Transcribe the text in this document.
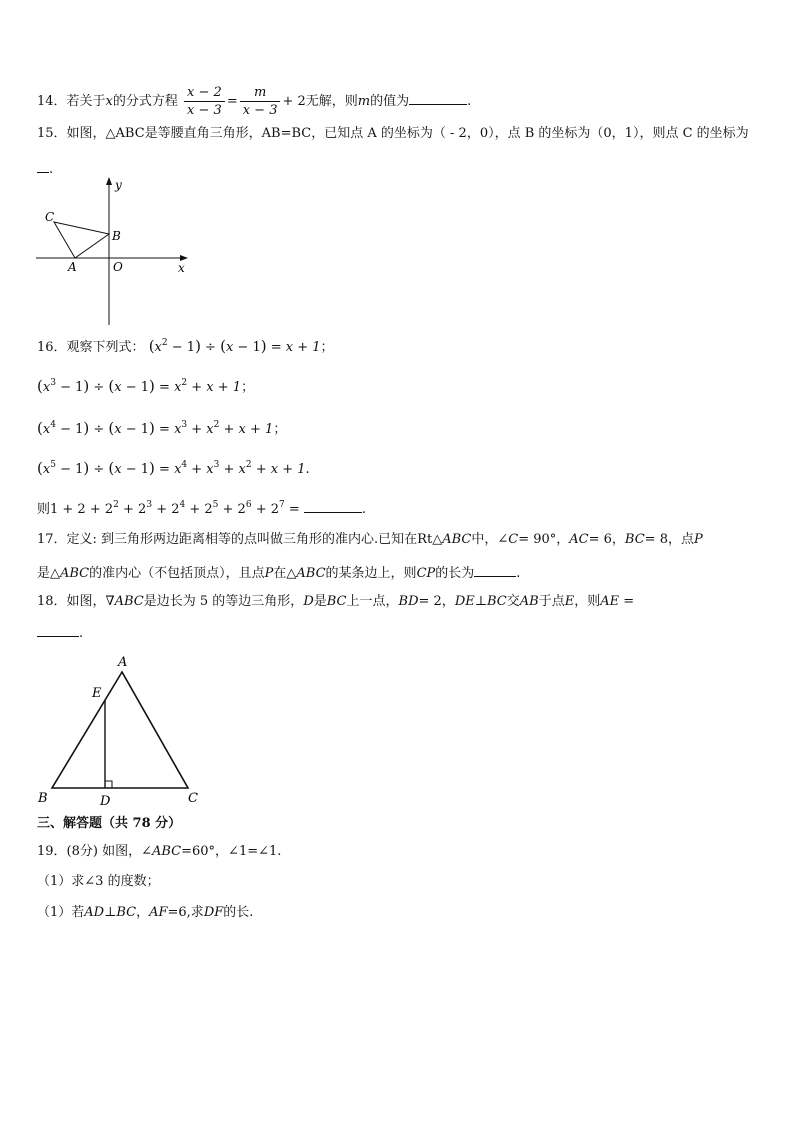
14．若关于x的分式方程 $\frac{x - 2}{x - 3} = \frac{m}{x - 3} + 2$无解，则m的值为	.
15．如图，△ABC是等腰直角三角形，AB=BC，已知点 A 的坐标为（ - 2，0），点 B 的坐标为（0，1），则点 C 的坐标为
.
y
x
C
B
A	O
16．观察下列式： $(x^2 - 1) \div (x - 1) = x + 1$；
$(x^3 - 1) \div (x - 1) = x^2 + x + 1$；
$(x^4 - 1) \div (x - 1) = x^3 + x^2 + x + 1$；
$(x^5 - 1) \div (x - 1) = x^4 + x^3 + x^2 + x + 1$.
则$1 + 2 + 2^2 + 2^3 + 2^4 + 2^5 + 2^6 + 2^7$ =	.
17．定义: 到三角形两边距离相等的点叫做三角形的准内心.已知在Rt△ABC中，∠C= 90°，AC= 6，BC= 8，点P
是△ABC的准内心（不包括顶点），且点P在△ABC的某条边上，则CP的长为	.
18．如图，∇ABC是边长为 5 的等边三角形，D是BC上一点，BD= 2，DE⊥BC交AB于点E，则AE =
.
A
E
B	D	C
三、解答题（共 78 分）
19．(8分) 如图，∠ABC=60°，∠1=∠1.
（1）求∠3 的度数；
（1）若AD⊥BC，AF=6,求DF的长.
